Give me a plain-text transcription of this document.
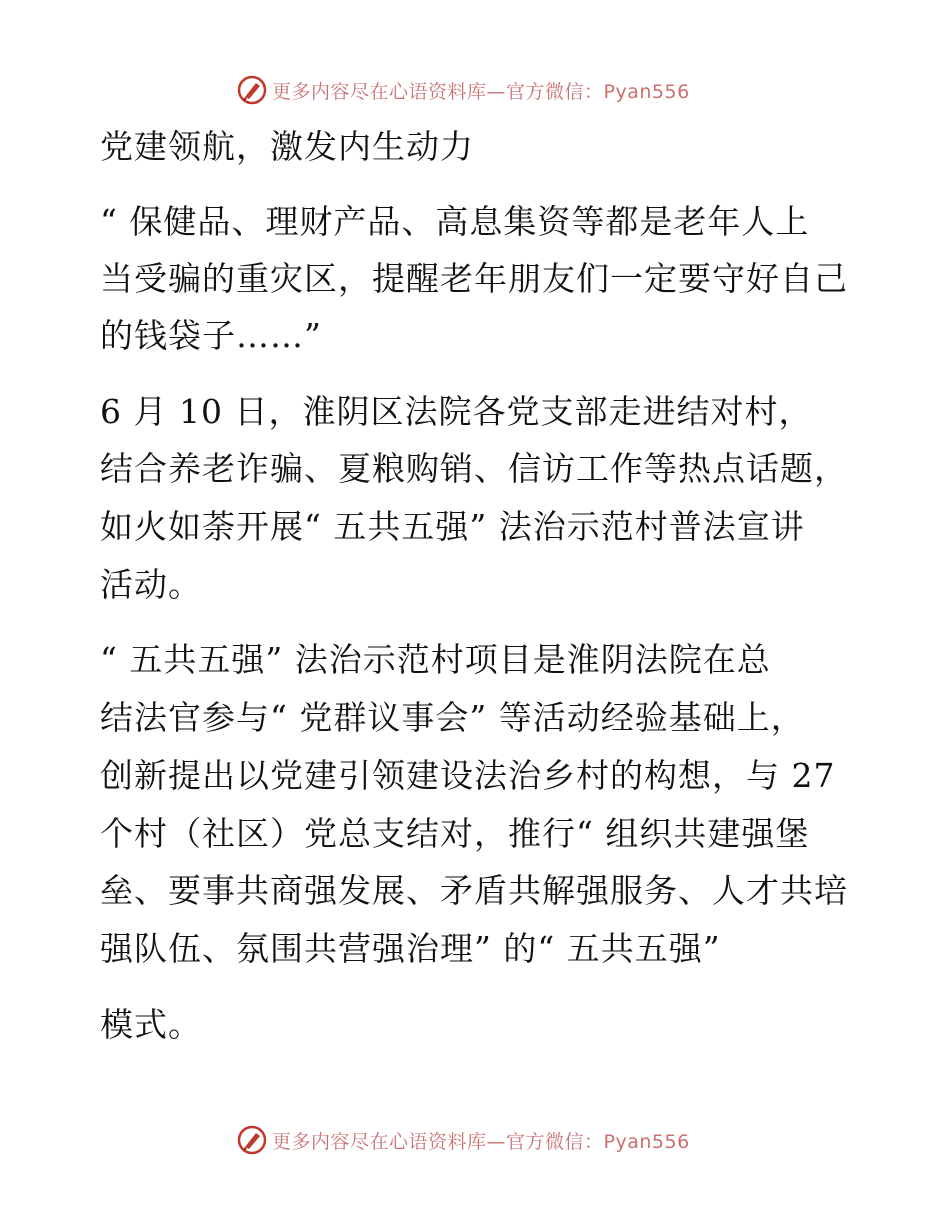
更多内容尽在心语资料库—官方微信：Pyan556
党建领航，激发内生动力
“ 保健品、理财产品、高息集资等都是老年人上
当受骗的重灾区，提醒老年朋友们一定要守好自己
的钱袋子……”
6 月 10 日，淮阴区法院各党支部走进结对村，
结合养老诈骗、夏粮购销、信访工作等热点话题，
如火如荼开展“ 五共五强” 法治示范村普法宣讲
活动。
“ 五共五强” 法治示范村项目是淮阴法院在总
结法官参与“ 党群议事会” 等活动经验基础上，
创新提出以党建引领建设法治乡村的构想，与 27
个村（社区）党总支结对，推行“ 组织共建强堡
垒、要事共商强发展、矛盾共解强服务、人才共培
强队伍、氛围共营强治理” 的“ 五共五强”
模式。
更多内容尽在心语资料库—官方微信：Pyan556
